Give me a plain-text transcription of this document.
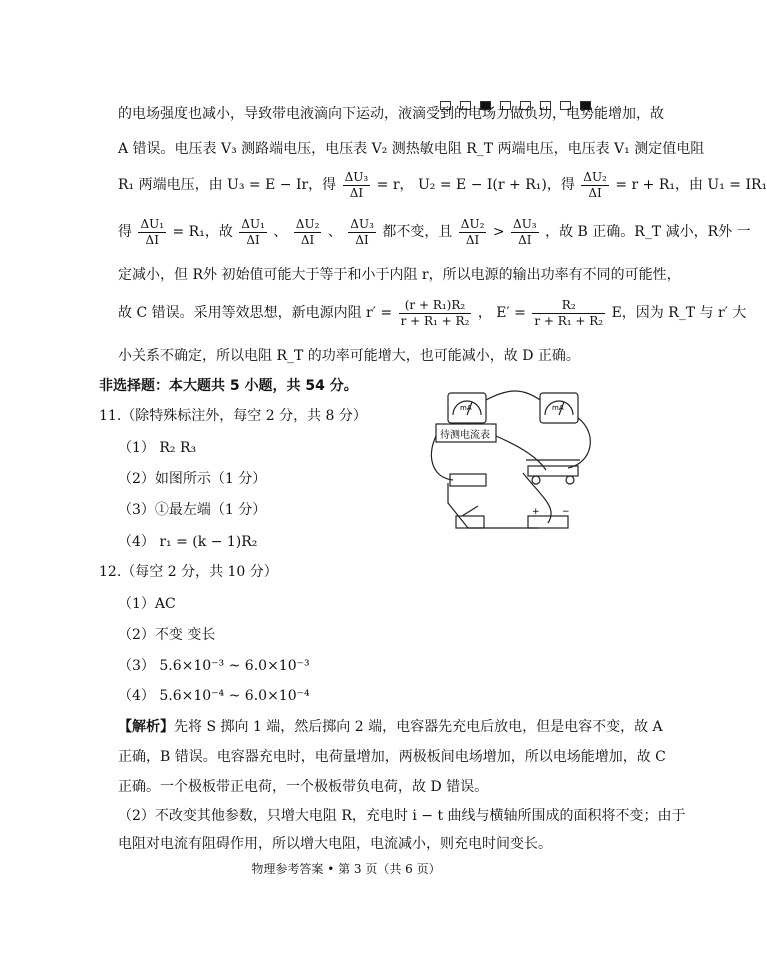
的电场强度也减小，导致带电液滴向下运动，液滴受到的电场力做负功，电势能增加，故
A 错误。电压表 V₃ 测路端电压，电压表 V₂ 测热敏电阻 R_T 两端电压，电压表 V₁ 测定值电阻
R₁ 两端电压，由 U₃ = E − Ir，得 $\frac{\text{ΔU₃}}{\Delta I} = r$， U₂ = E − I(r + R₁)，得 $\frac{\text{ΔU₂}}{\Delta I} = r + R_1$，由 U₁ = IR₁
得 $\frac{\text{ΔU₁}}{\Delta I} = R_1$，故 $\frac{\text{ΔU₁}}{\Delta I}$ 、 $\frac{\text{ΔU₂}}{\Delta I}$ 、 $\frac{\text{ΔU₃}}{\Delta I}$ 都不变，且 $\frac{\text{ΔU₂}}{\Delta I} > \frac{\text{ΔU₃}}{\Delta I}$ ，故 B 正确。R_T 减小，R外 一
定减小，但 R外 初始值可能大于等于和小于内阻 r，所以电源的输出功率有不同的可能性，
故 C 错误。采用等效思想，新电源内阻 $r' = \frac{\text{(r + R₁)R₂}}{\text{r + R₁ + R₂}}$ ， $E' = \frac{\text{R₂}}{\text{r + R₁ + R₂}}$ E，因为 R_T 与 r′ 大
小关系不确定，所以电阻 R_T 的功率可能增大，也可能减小，故 D 正确。
非选择题：本大题共 5 小题，共 54 分。
11.（除特殊标注外，每空 2 分，共 8 分）
（1） R₂ R₃
（2）如图所示（1 分）
（3）①最左端（1 分）
（4） r₁ = (k − 1)R₂
mA	mA
待测电流表
+ −
12.（每空 2 分，共 10 分）
（1）AC
（2）不变 变长
（3） 5.6×10⁻³ ~ 6.0×10⁻³
（4） 5.6×10⁻⁴ ~ 6.0×10⁻⁴
【解析】先将 S 掷向 1 端，然后掷向 2 端，电容器先充电后放电，但是电容不变，故 A
正确，B 错误。电容器充电时，电荷量增加，两极板间电场增加，所以电场能增加，故 C
正确。一个极板带正电荷，一个极板带负电荷，故 D 错误。
（2）不改变其他参数，只增大电阻 R，充电时 i − t 曲线与横轴所围成的面积将不变；由于
电阻对电流有阻碍作用，所以增大电阻，电流减小，则充电时间变长。
物理参考答案 • 第 3 页（共 6 页）
